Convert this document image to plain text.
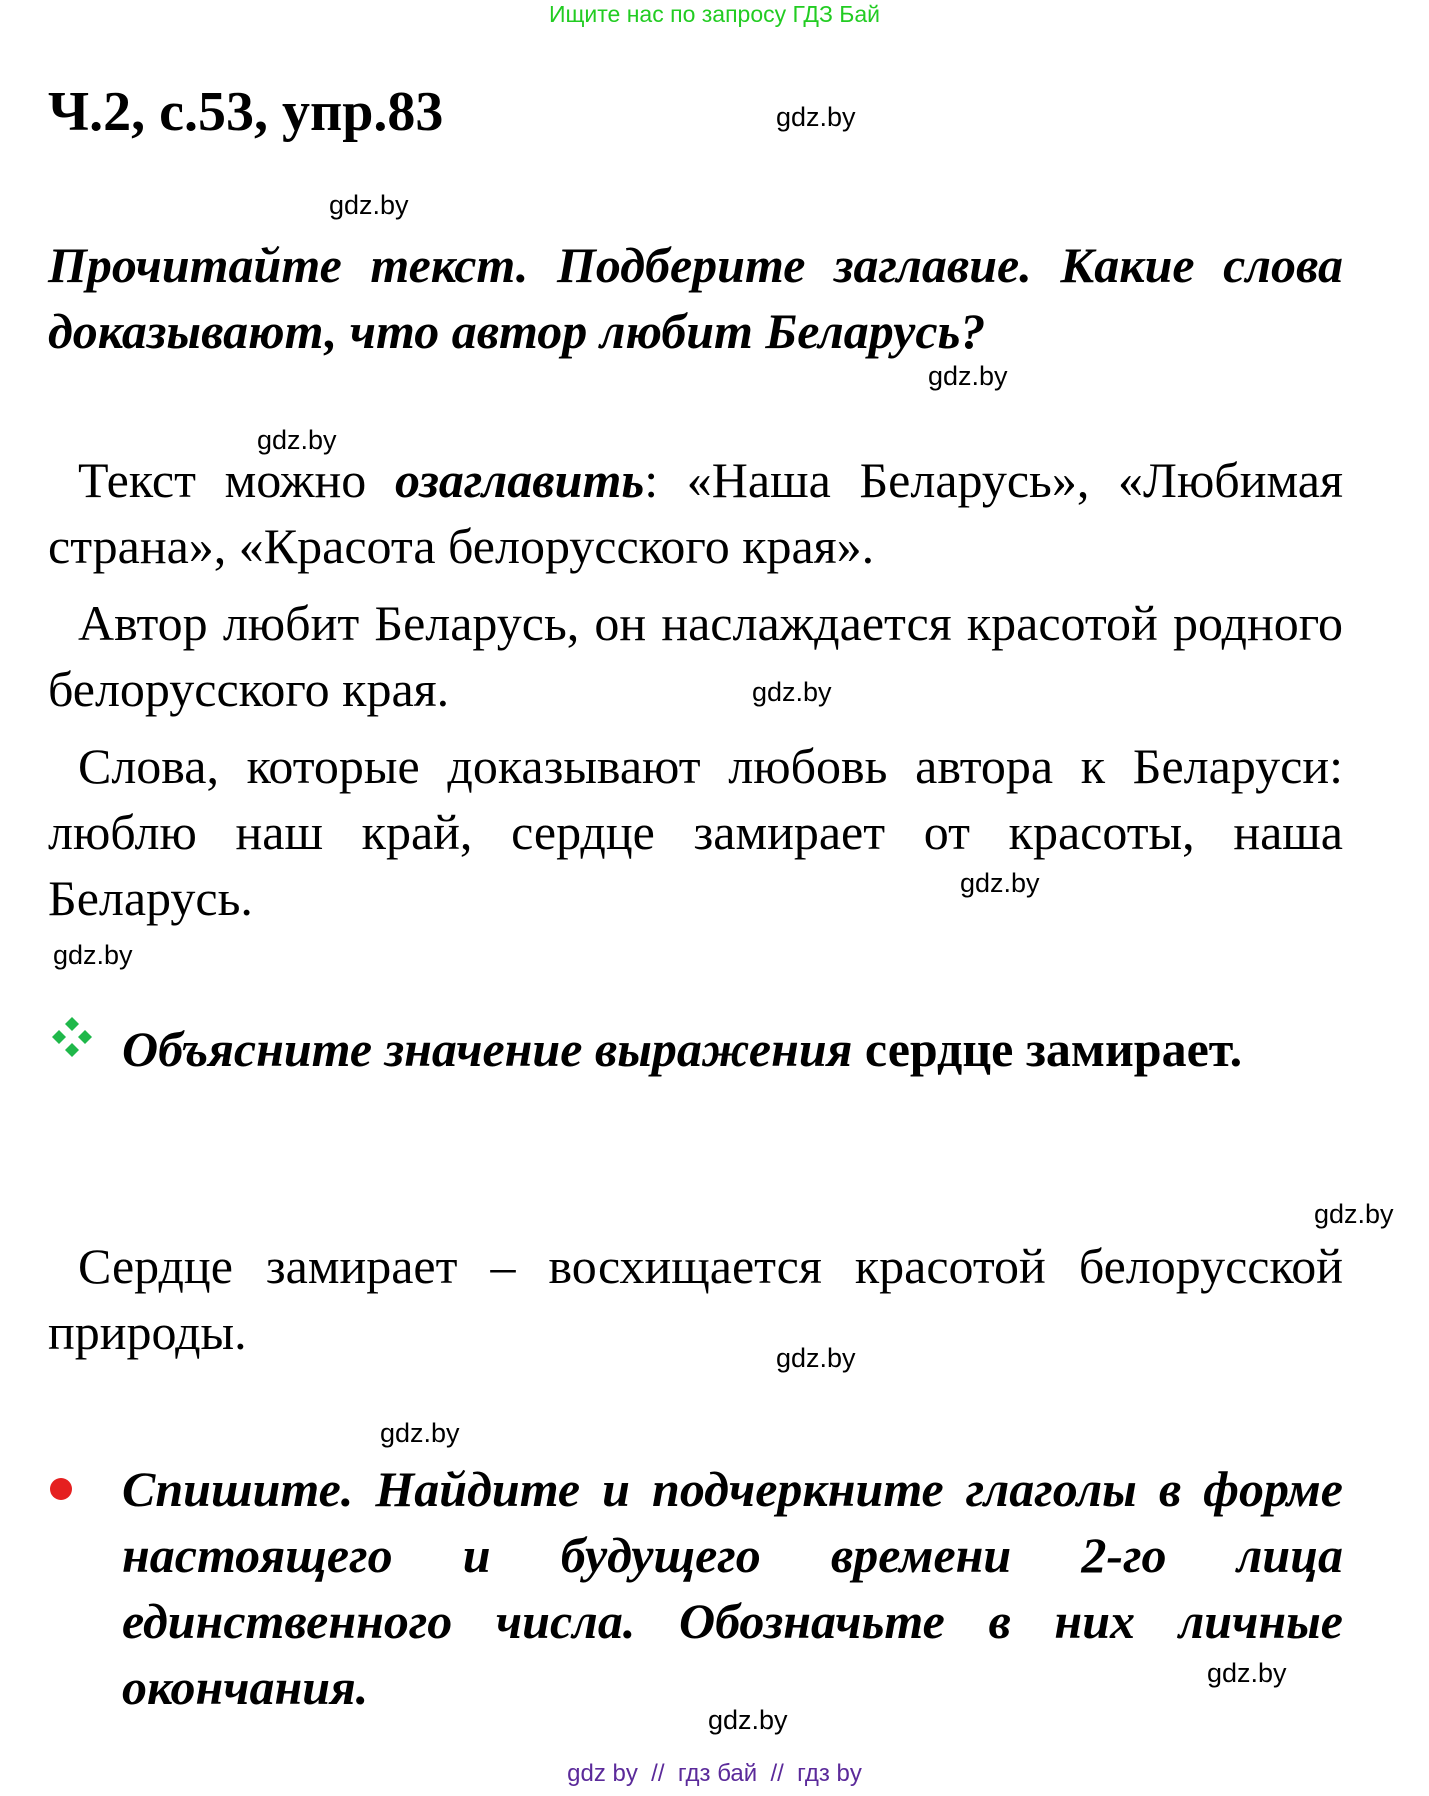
Ищите нас по запросу ГДЗ Бай
Ч.2, с.53, упр.83
Прочитайте текст. Подберите заглавие. Какие слова доказывают, что автор любит Беларусь?
Текст можно озаглавить: «Наша Беларусь», «Любимая страна», «Красота белорусского края».
Автор любит Беларусь, он наслаждается красотой родного белорусского края.
Слова, которые доказывают любовь автора к Беларуси: люблю наш край, сердце замирает от красоты, наша Беларусь.
Объясните значение выражения сердце замирает.
Сердце замирает – восхищается красотой белорусской природы.
Спишите. Найдите и подчеркните глаголы в форме настоящего и будущего времени 2-го лица единственного числа. Обозначьте в них личные окончания.
gdz.by
gdz.by
gdz.by
gdz.by
gdz.by
gdz.by
gdz.by
gdz.by
gdz.by
gdz.by
gdz.by
gdz.by
gdz by  //  гдз бай  //  гдз by
